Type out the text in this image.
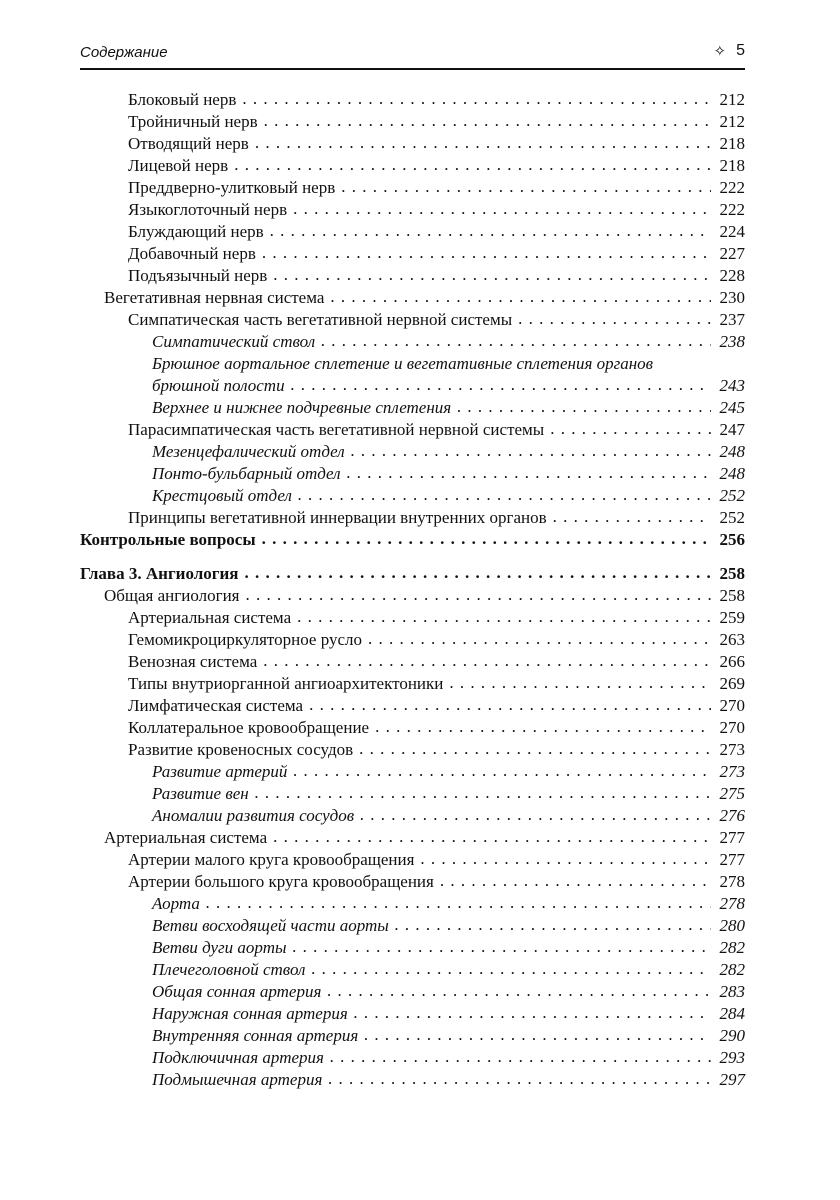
Содержание	✧ 5
Блоковый нерв . . .	212
Тройничный нерв . . .	212
Отводящий нерв . . .	218
Лицевой нерв . . .	218
Преддверно-улитковый нерв . . .	222
Языкоглоточный нерв . . .	222
Блуждающий нерв . . .	224
Добавочный нерв . . .	227
Подъязычный нерв . . .	228
Вегетативная нервная система . . .	230
Симпатическая часть вегетативной нервной системы . . .	237
Симпатический ствол . . .	238
Брюшное аортальное сплетение и вегетативные сплетения органов
брюшной полости . . .	243
Верхнее и нижнее подчревные сплетения . . .	245
Парасимпатическая часть вегетативной нервной системы . . .	247
Мезенцефалический отдел . . .	248
Понто-бульбарный отдел . . .	248
Крестцовый отдел . . .	252
Принципы вегетативной иннервации внутренних органов . . .	252
Контрольные вопросы . . .	256
Глава 3. Ангиология . . .	258
Общая ангиология . . .	258
Артериальная система . . .	259
Гемомикроциркуляторное русло . . .	263
Венозная система . . .	266
Типы внутриорганной ангиоархитектоники . . .	269
Лимфатическая система . . .	270
Коллатеральное кровообращение . . .	270
Развитие кровеносных сосудов . . .	273
Развитие артерий . . .	273
Развитие вен . . .	275
Аномалии развития сосудов . . .	276
Артериальная система . . .	277
Артерии малого круга кровообращения . . .	277
Артерии большого круга кровообращения . . .	278
Аорта . . .	278
Ветви восходящей части аорты . . .	280
Ветви дуги аорты . . .	282
Плечеголовной ствол . . .	282
Общая сонная артерия . . .	283
Наружная сонная артерия . . .	284
Внутренняя сонная артерия . . .	290
Подключичная артерия . . .	293
Подмышечная артерия . . .	297
